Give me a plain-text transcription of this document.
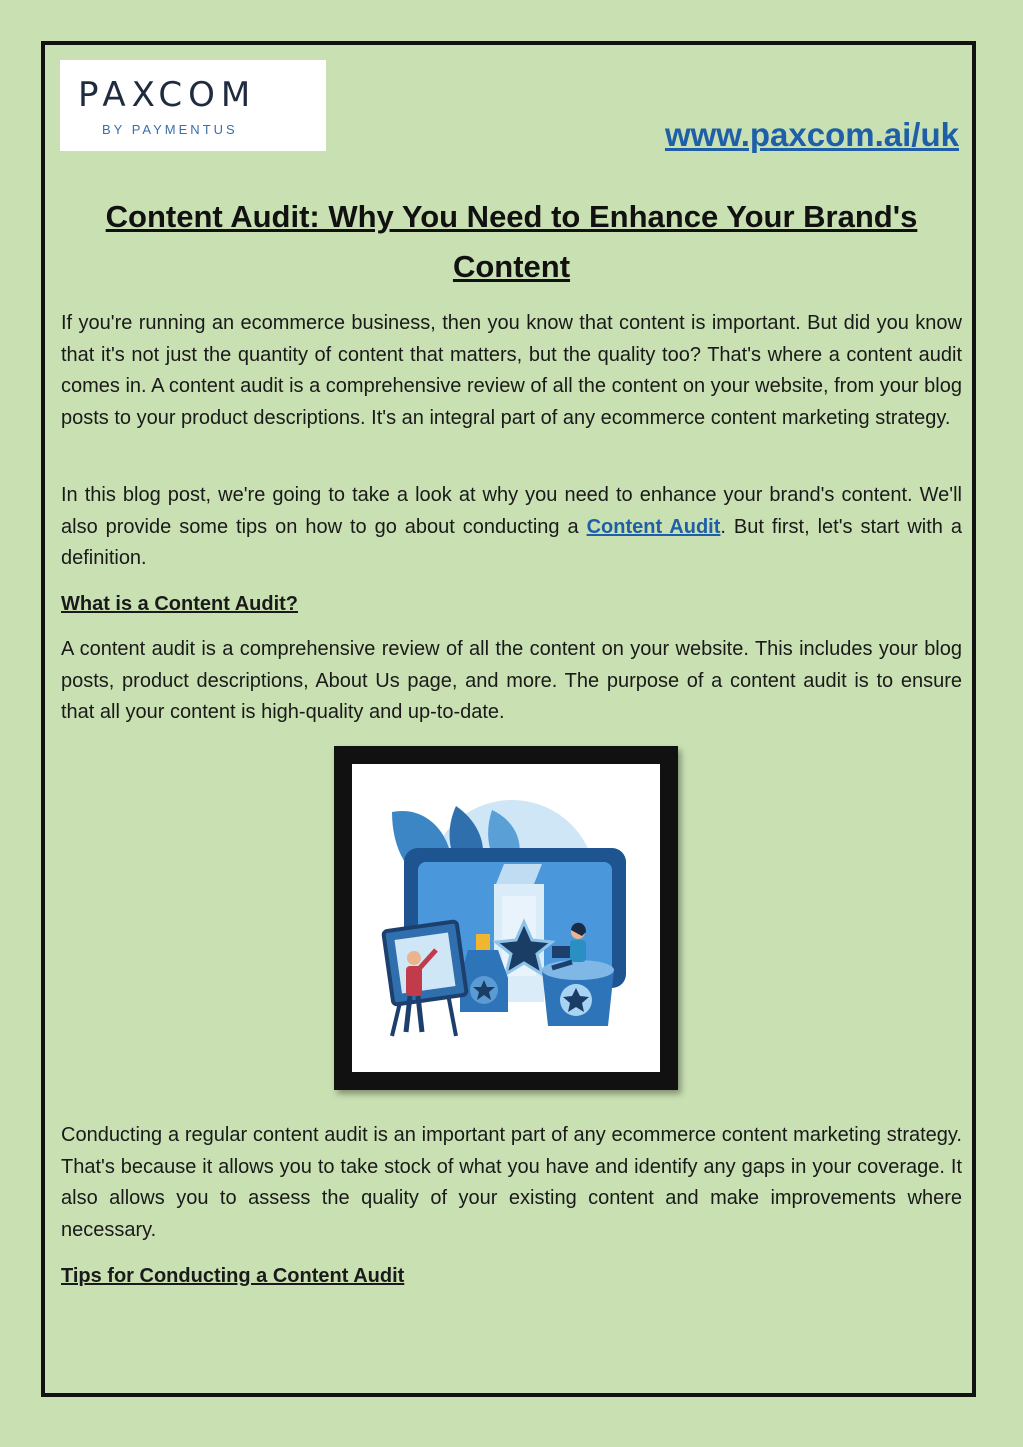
PAXCOM
BY PAYMENTUS	www.paxcom.ai/uk
Content Audit: Why You Need to Enhance Your Brand's Content

If you're running an ecommerce business, then you know that content is important. But did you know that it's not just the quantity of content that matters, but the quality too? That's where a content audit comes in. A content audit is a comprehensive review of all the content on your website, from your blog posts to your product descriptions. It's an integral part of any ecommerce content marketing strategy.

In this blog post, we're going to take a look at why you need to enhance your brand's content. We'll also provide some tips on how to go about conducting a Content Audit. But first, let's start with a definition.

What is a Content Audit?

A content audit is a comprehensive review of all the content on your website. This includes your blog posts, product descriptions, About Us page, and more. The purpose of a content audit is to ensure that all your content is high-quality and up-to-date.

Conducting a regular content audit is an important part of any ecommerce content marketing strategy. That's because it allows you to take stock of what you have and identify any gaps in your coverage. It also allows you to assess the quality of your existing content and make improvements where necessary.

Tips for Conducting a Content Audit
